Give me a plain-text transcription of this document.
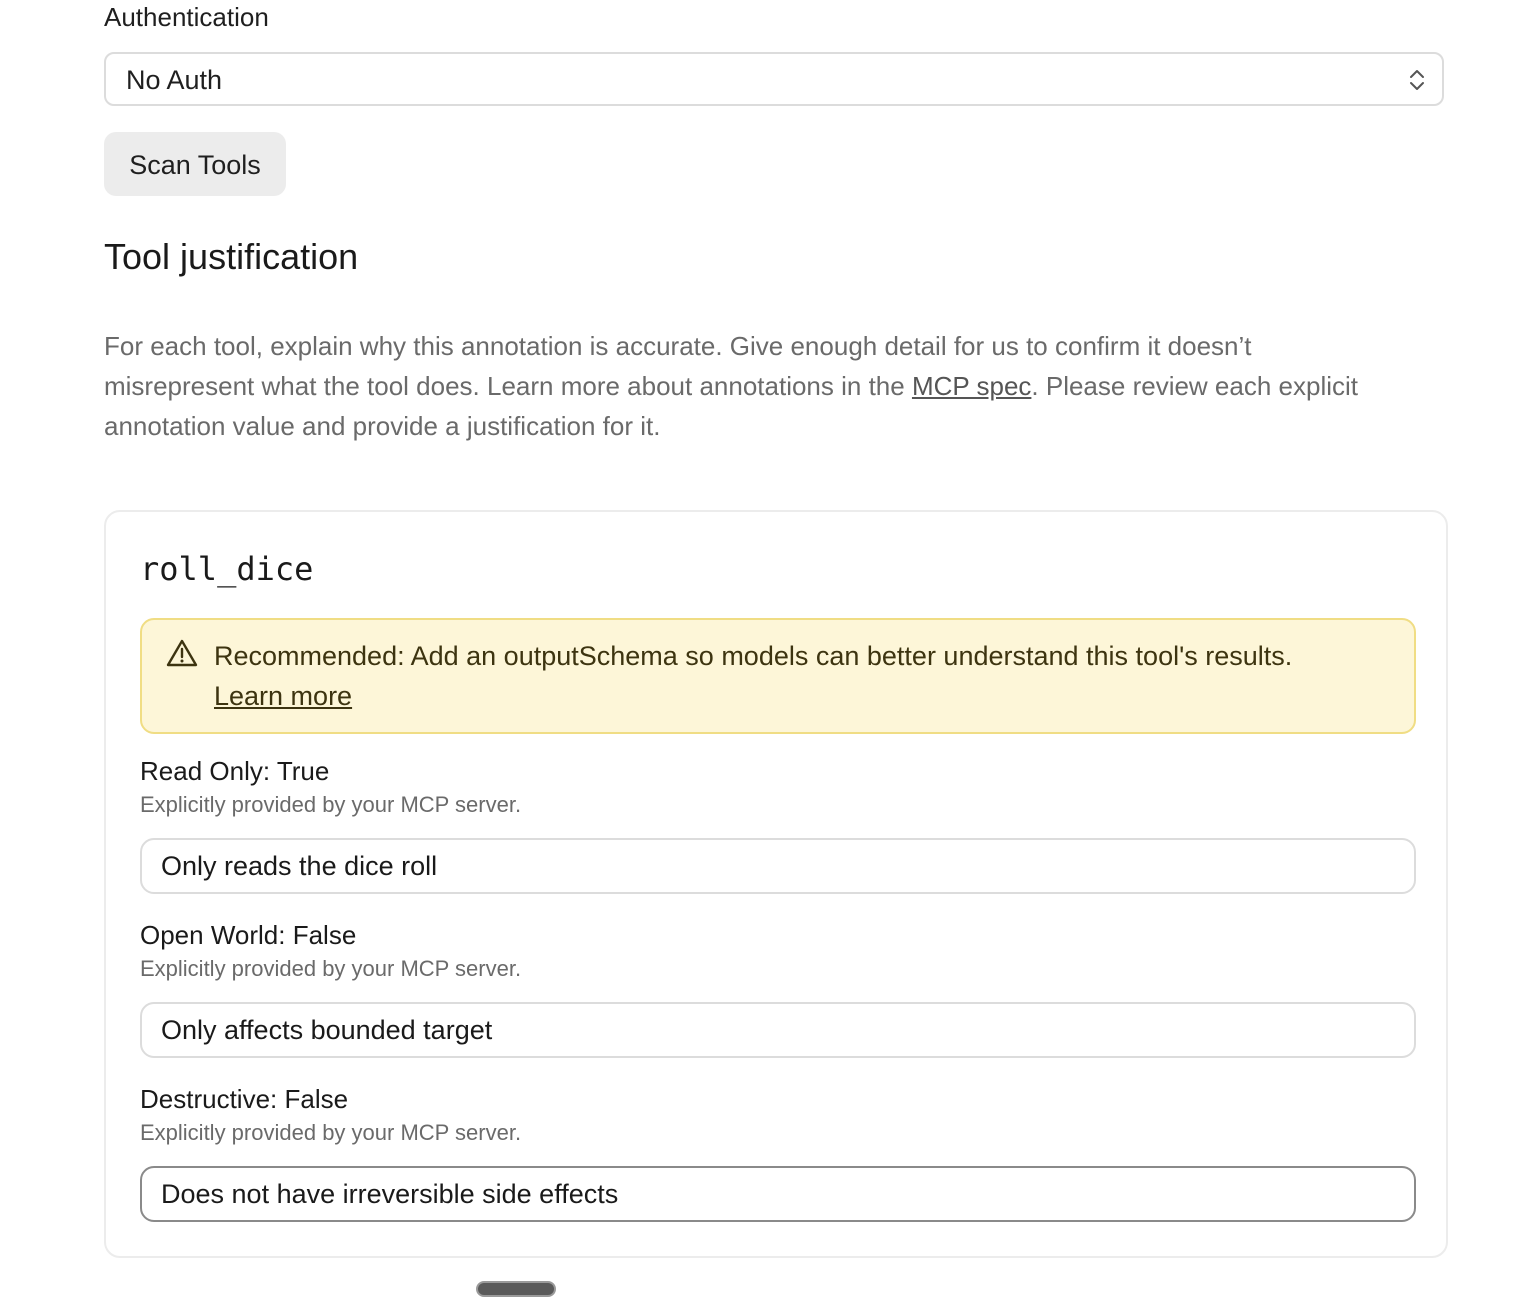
Authentication
No Auth
Scan Tools
Tool justification
For each tool, explain why this annotation is accurate. Give enough detail for us to confirm it doesn’t misrepresent what the tool does. Learn more about annotations in the MCP spec. Please review each explicit annotation value and provide a justification for it.
roll_dice
Recommended: Add an outputSchema so models can better understand this tool's results.
Learn more
Read Only: True
Explicitly provided by your MCP server.
Only reads the dice roll
Open World: False
Explicitly provided by your MCP server.
Only affects bounded target
Destructive: False
Explicitly provided by your MCP server.
Does not have irreversible side effects
